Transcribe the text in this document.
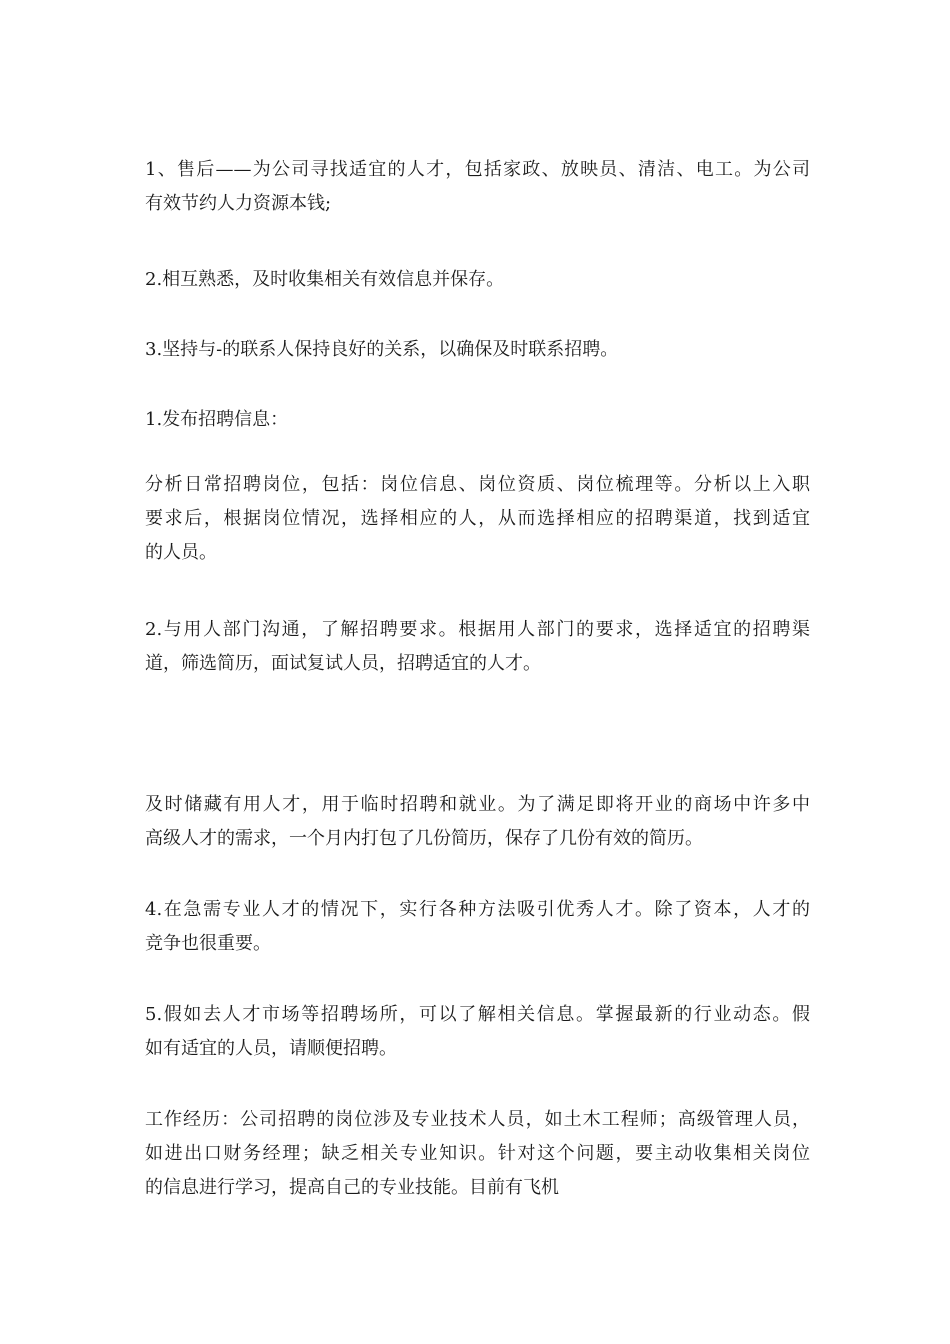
1、售后——为公司寻找适宜的人才，包括家政、放映员、清洁、电工。为公司
有效节约人力资源本钱;
2.相互熟悉，及时收集相关有效信息并保存。
3.坚持与-的联系人保持良好的关系，以确保及时联系招聘。
1.发布招聘信息：
分析日常招聘岗位，包括：岗位信息、岗位资质、岗位梳理等。分析以上入职
要求后，根据岗位情况，选择相应的人，从而选择相应的招聘渠道，找到适宜
的人员。
2.与用人部门沟通，了解招聘要求。根据用人部门的要求，选择适宜的招聘渠
道，筛选简历，面试复试人员，招聘适宜的人才。
及时储藏有用人才，用于临时招聘和就业。为了满足即将开业的商场中许多中
高级人才的需求，一个月内打包了几份简历，保存了几份有效的简历。
4.在急需专业人才的情况下，实行各种方法吸引优秀人才。除了资本，人才的
竞争也很重要。
5.假如去人才市场等招聘场所，可以了解相关信息。掌握最新的行业动态。假
如有适宜的人员，请顺便招聘。
工作经历：公司招聘的岗位涉及专业技术人员，如土木工程师；高级管理人员，
如进出口财务经理；缺乏相关专业知识。针对这个问题，要主动收集相关岗位
的信息进行学习，提高自己的专业技能。目前有飞机
